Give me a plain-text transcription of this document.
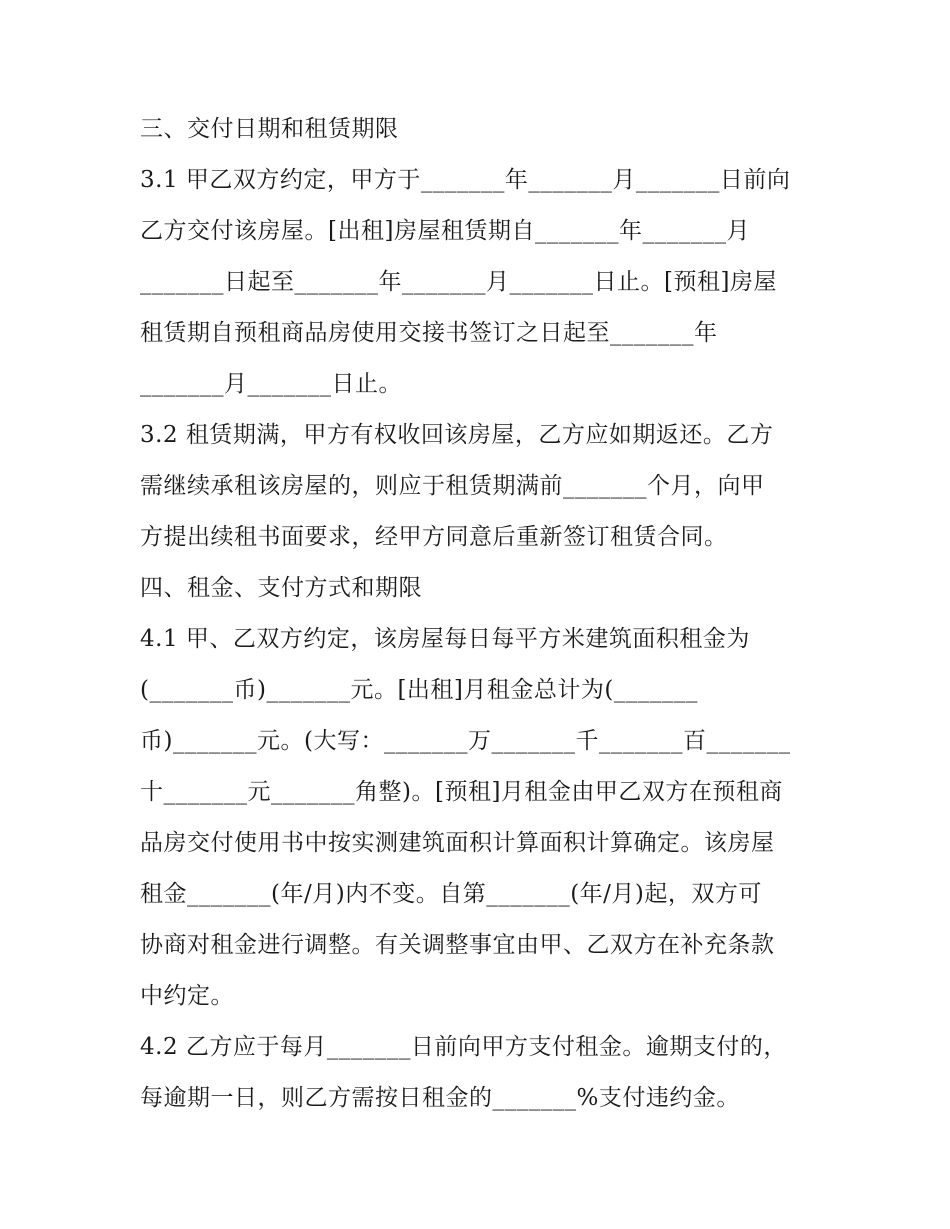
三、交付日期和租赁期限
3.1 甲乙双方约定，甲方于_______年_______月_______日前向
乙方交付该房屋。[出租]房屋租赁期自_______年_______月
_______日起至_______年_______月_______日止。[预租]房屋
租赁期自预租商品房使用交接书签订之日起至_______年
_______月_______日止。
3.2 租赁期满，甲方有权收回该房屋，乙方应如期返还。乙方
需继续承租该房屋的，则应于租赁期满前_______个月，向甲
方提出续租书面要求，经甲方同意后重新签订租赁合同。
四、租金、支付方式和期限
4.1 甲、乙双方约定，该房屋每日每平方米建筑面积租金为
(_______币)_______元。[出租]月租金总计为(_______
币)_______元。(大写：_______万_______千_______百_______
十_______元_______角整)。[预租]月租金由甲乙双方在预租商
品房交付使用书中按实测建筑面积计算面积计算确定。该房屋
租金_______(年/月)内不变。自第_______(年/月)起，双方可
协商对租金进行调整。有关调整事宜由甲、乙双方在补充条款
中约定。
4.2 乙方应于每月_______日前向甲方支付租金。逾期支付的，
每逾期一日，则乙方需按日租金的_______%支付违约金。
